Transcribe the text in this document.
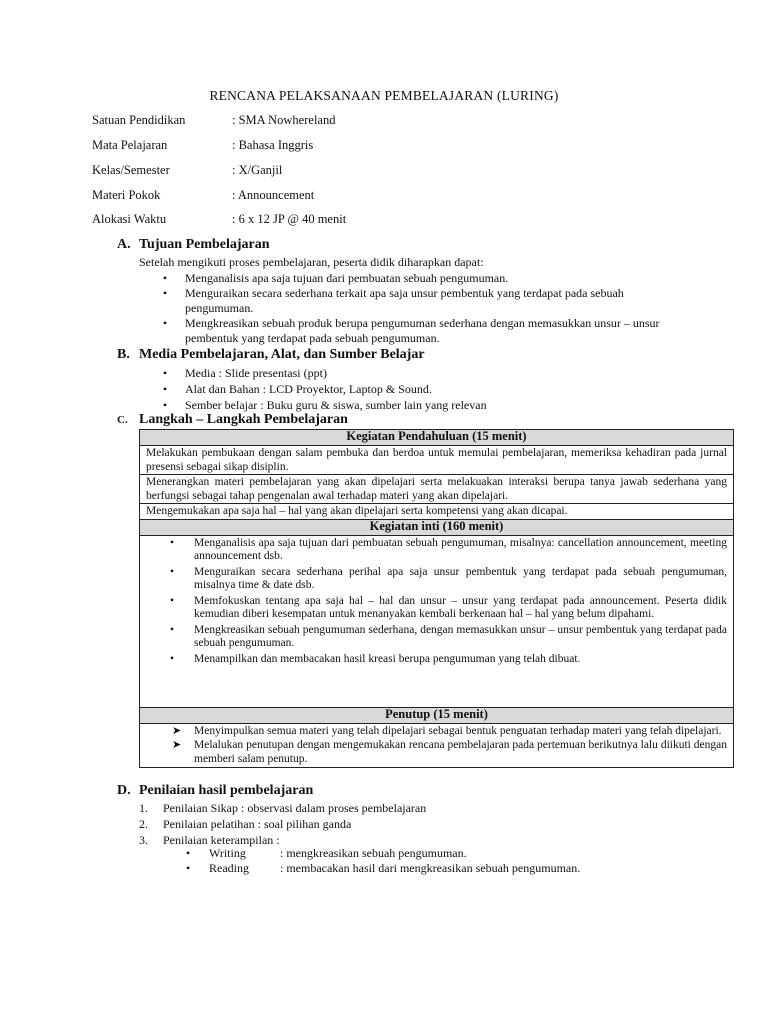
RENCANA PELAKSANAAN PEMBELAJARAN (LURING)
Satuan Pendidikan	: SMA Nowhereland
Mata Pelajaran	: Bahasa Inggris
Kelas/Semester	: X/Ganjil
Materi Pokok	: Announcement
Alokasi Waktu	: 6 x 12 JP @ 40 menit
A. Tujuan Pembelajaran
Setelah mengikuti proses pembelajaran, peserta didik diharapkan dapat:
• Menganalisis apa saja tujuan dari pembuatan sebuah pengumuman.
• Menguraikan secara sederhana terkait apa saja unsur pembentuk yang terdapat pada sebuah pengumuman.
• Mengkreasikan sebuah produk berupa pengumuman sederhana dengan memasukkan unsur – unsur pembentuk yang terdapat pada sebuah pengumuman.
B. Media Pembelajaran, Alat, dan Sumber Belajar
• Media : Slide presentasi (ppt)
• Alat dan Bahan : LCD Proyektor, Laptop & Sound.
• Sember belajar : Buku guru & siswa, sumber lain yang relevan
C. Langkah – Langkah Pembelajaran
Kegiatan Pendahuluan (15 menit)
Melakukan pembukaan dengan salam pembuka dan berdoa untuk memulai pembelajaran, memeriksa kehadiran pada jurnal presensi sebagai sikap disiplin.
Menerangkan materi pembelajaran yang akan dipelajari serta melakuakan interaksi berupa tanya jawab sederhana yang berfungsi sebagai tahap pengenalan awal terhadap materi yang akan dipelajari.
Mengemukakan apa saja hal – hal yang akan dipelajari serta kompetensi yang akan dicapai.
Kegiatan inti (160 menit)

• Menganalisis apa saja tujuan dari pembuatan sebuah pengumuman, misalnya: cancellation announcement, meeting announcement dsb.
• Menguraikan secara sederhana perihal apa saja unsur pembentuk yang terdapat pada sebuah pengumuman, misalnya time & date dsb.
• Memfokuskan tentang apa saja hal – hal dan unsur – unsur yang terdapat pada announcement. Peserta didik kemudian diberi kesempatan untuk menanyakan kembali berkenaan hal – hal yang belum dipahami.
• Mengkreasikan sebuah pengumuman sederhana, dengan memasukkan unsur – unsur pembentuk yang terdapat pada sebuah pengumuman.
• Menampilkan dan membacakan hasil kreasi berupa pengumuman yang telah dibuat.

Penutup (15 menit)

➤ Menyimpulkan semua materi yang telah dipelajari sebagai bentuk penguatan terhadap materi yang telah dipelajari.
➤ Melalukan penutupan dengan mengemukakan rencana pembelajaran pada pertemuan berikutnya lalu diikuti dengan memberi salam penutup.
D. Penilaian hasil pembelajaran
1. Penilaian Sikap : observasi dalam proses pembelajaran
2. Penilaian pelatihan : soal pilihan ganda
3. Penilaian keterampilan :
• Writing	: mengkreasikan sebuah pengumuman.
• Reading	: membacakan hasil dari mengkreasikan sebuah pengumuman.
